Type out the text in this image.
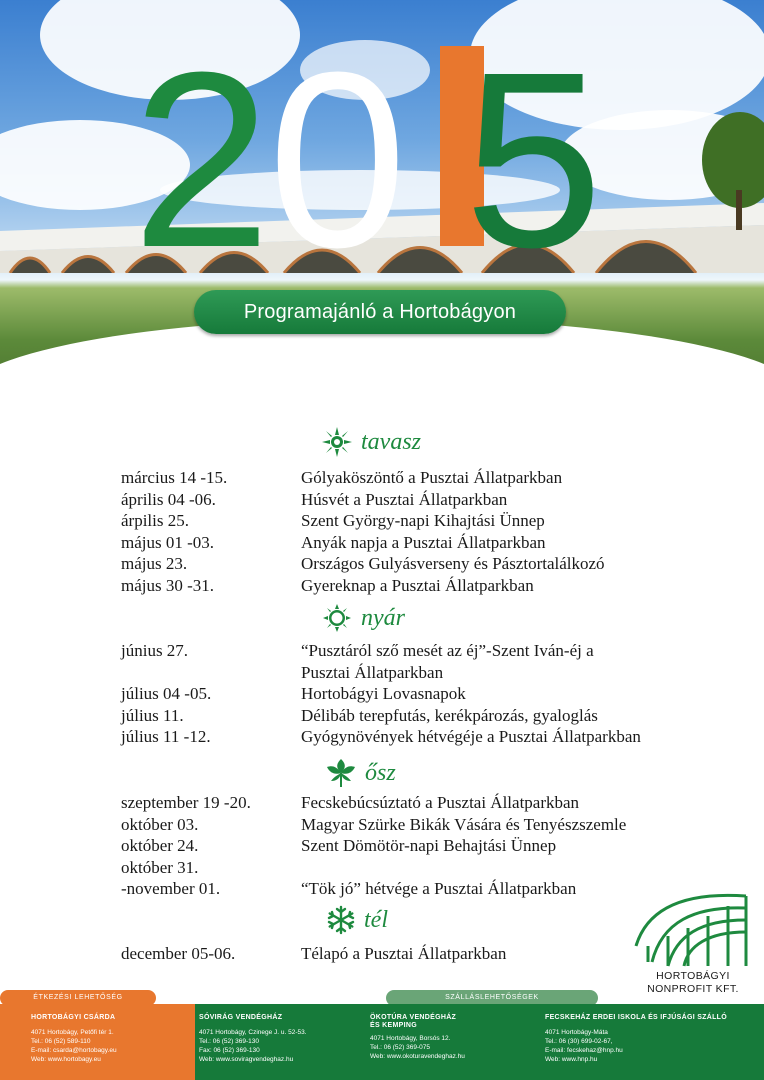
2
0
1
5
Programajánló a Hortobágyon
tavasz
március 14 -15.	Gólyaköszöntő a Pusztai Állatparkban
április 04 -06.	Húsvét a Pusztai Állatparkban
árpilis 25.	Szent György-napi Kihajtási Ünnep
május 01 -03.	Anyák napja a Pusztai Állatparkban
május 23.	Országos Gulyásverseny és Pásztortalálkozó
május 30 -31.	Gyereknap a Pusztai Állatparkban
nyár
június 27.	“Pusztáról sző mesét az éj”-Szent Iván-éj a
Pusztai Állatparkban
július 04 -05.	Hortobágyi Lovasnapok
július 11.	Délibáb terepfutás, kerékpározás, gyaloglás
július 11 -12.	Gyógynövények hétvégéje a Pusztai Állatparkban
ősz
szeptember 19 -20.	Fecskebúcsúztató a Pusztai Állatparkban
október 03.	Magyar Szürke Bikák Vására és Tenyészszemle
október 24.	Szent Dömötör-napi Behajtási Ünnep
október 31.
-november 01.	“Tök jó” hétvége a Pusztai Állatparkban
tél
december 05-06.	Télapó a Pusztai Állatparkban
HORTOBÁGYI
NONPROFIT KFT.
ÉTKEZÉSI LEHETŐSÉG	SZÁLLÁSLEHETŐSÉGEK
HORTOBÁGYI CSÁRDA
4071 Hortobágy, Petőfi tér 1.
Tel.: 06 (52) 589-110
E-mail: csarda@hortobagy.eu
Web: www.hortobagy.eu
SÓVIRÁG VENDÉGHÁZ
4071 Hortobágy, Czinege J. u. 52-53.
Tel.: 06 (52) 369-130
Fax: 06 (52) 369-130
Web: www.soviragvendeghaz.hu
ÖKOTÚRA VENDÉGHÁZ
ÉS KEMPING
4071 Hortobágy, Borsós 12.
Tel.: 06 (52) 369-075
Web: www.okoturavendeghaz.hu
FECSKEHÁZ ERDEI ISKOLA ÉS IFJÚSÁGI SZÁLLÓ
4071 Hortobágy-Máta
Tel.: 06 (30) 699-02-67,
E-mail: fecskehaz@hnp.hu
Web: www.hnp.hu
